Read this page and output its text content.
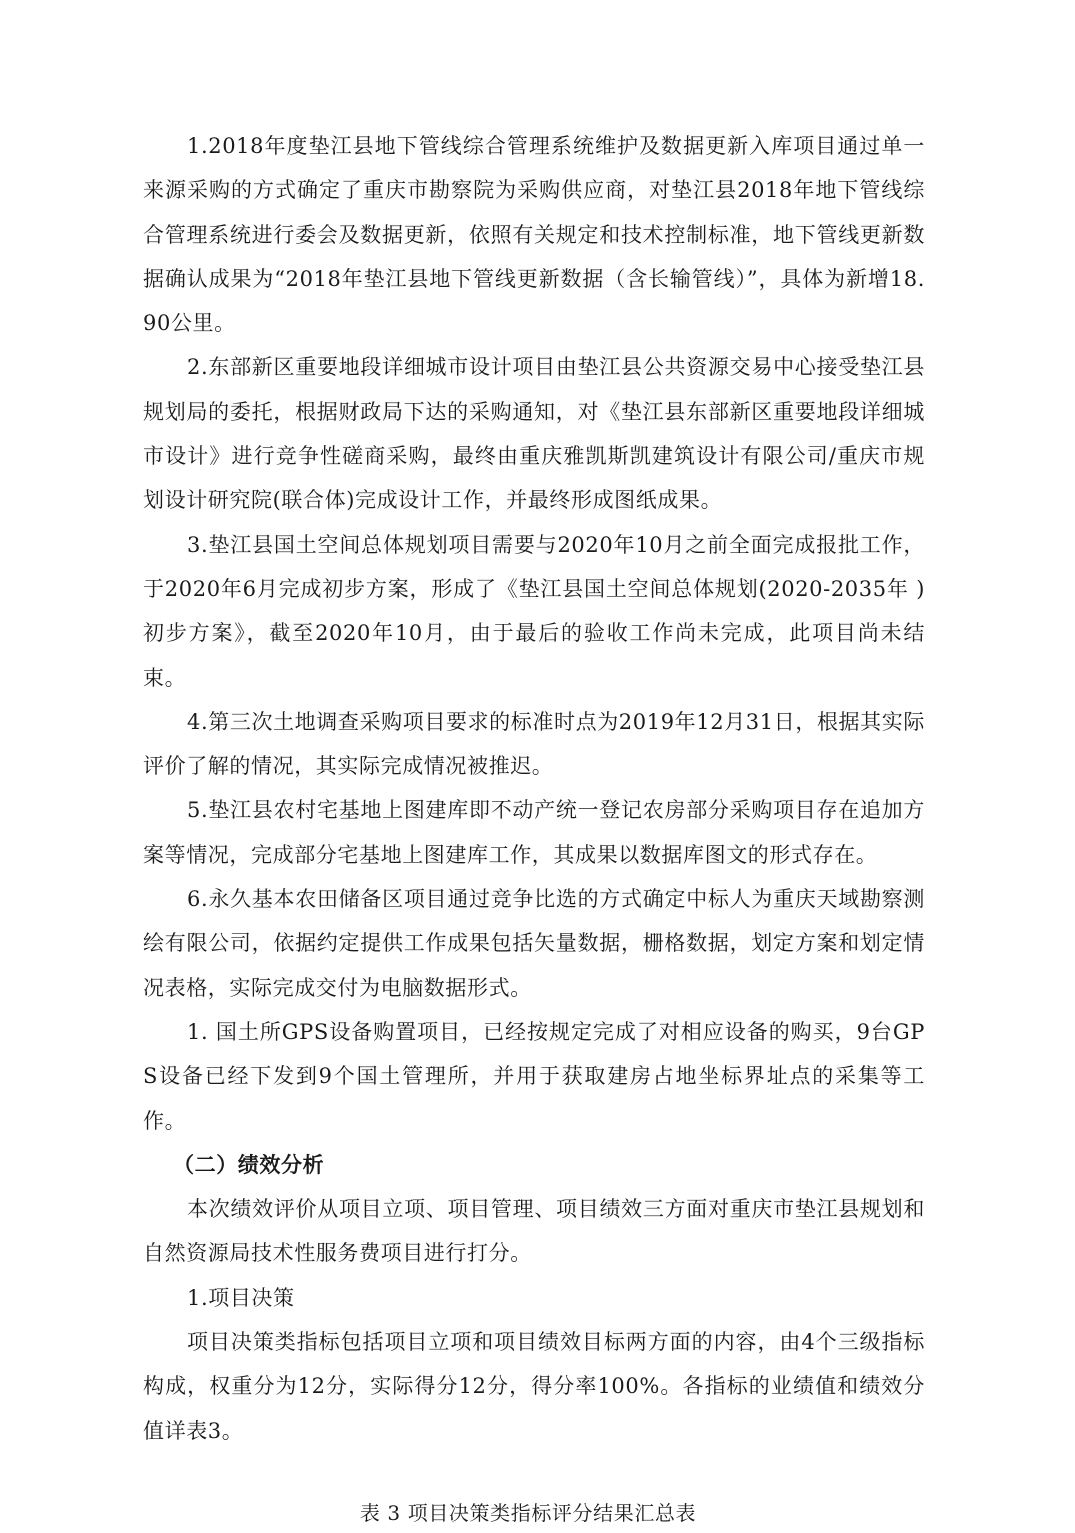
1.2018年度垫江县地下管线综合管理系统维护及数据更新入库项目通过单一来源采购的方式确定了重庆市勘察院为采购供应商，对垫江县2018年地下管线综合管理系统进行委会及数据更新，依照有关规定和技术控制标准，地下管线更新数据确认成果为“2018年垫江县地下管线更新数据（含长输管线）”，具体为新增18.90公里。

2.东部新区重要地段详细城市设计项目由垫江县公共资源交易中心接受垫江县规划局的委托，根据财政局下达的采购通知，对《垫江县东部新区重要地段详细城市设计》进行竞争性磋商采购，最终由重庆雅凯斯凯建筑设计有限公司/重庆市规划设计研究院(联合体)完成设计工作，并最终形成图纸成果。

3.垫江县国土空间总体规划项目需要与2020年10月之前全面完成报批工作，于2020年6月完成初步方案，形成了《垫江县国土空间总体规划(2020-2035年 )初步方案》，截至2020年10月，由于最后的验收工作尚未完成，此项目尚未结束。

4.第三次土地调查采购项目要求的标准时点为2019年12月31日，根据其实际评价了解的情况，其实际完成情况被推迟。

5.垫江县农村宅基地上图建库即不动产统一登记农房部分采购项目存在追加方案等情况，完成部分宅基地上图建库工作，其成果以数据库图文的形式存在。

6.永久基本农田储备区项目通过竞争比选的方式确定中标人为重庆天域勘察测绘有限公司，依据约定提供工作成果包括矢量数据，栅格数据，划定方案和划定情况表格，实际完成交付为电脑数据形式。

1. 国土所GPS设备购置项目，已经按规定完成了对相应设备的购买，9台GPS设备已经下发到9个国土管理所，并用于获取建房占地坐标界址点的采集等工作。

（二）绩效分析

本次绩效评价从项目立项、项目管理、项目绩效三方面对重庆市垫江县规划和自然资源局技术性服务费项目进行打分。

1.项目决策

项目决策类指标包括项目立项和项目绩效目标两方面的内容，由4个三级指标构成，权重分为12分，实际得分12分，得分率100%。各指标的业绩值和绩效分值详表3。

表 3 项目决策类指标评分结果汇总表
